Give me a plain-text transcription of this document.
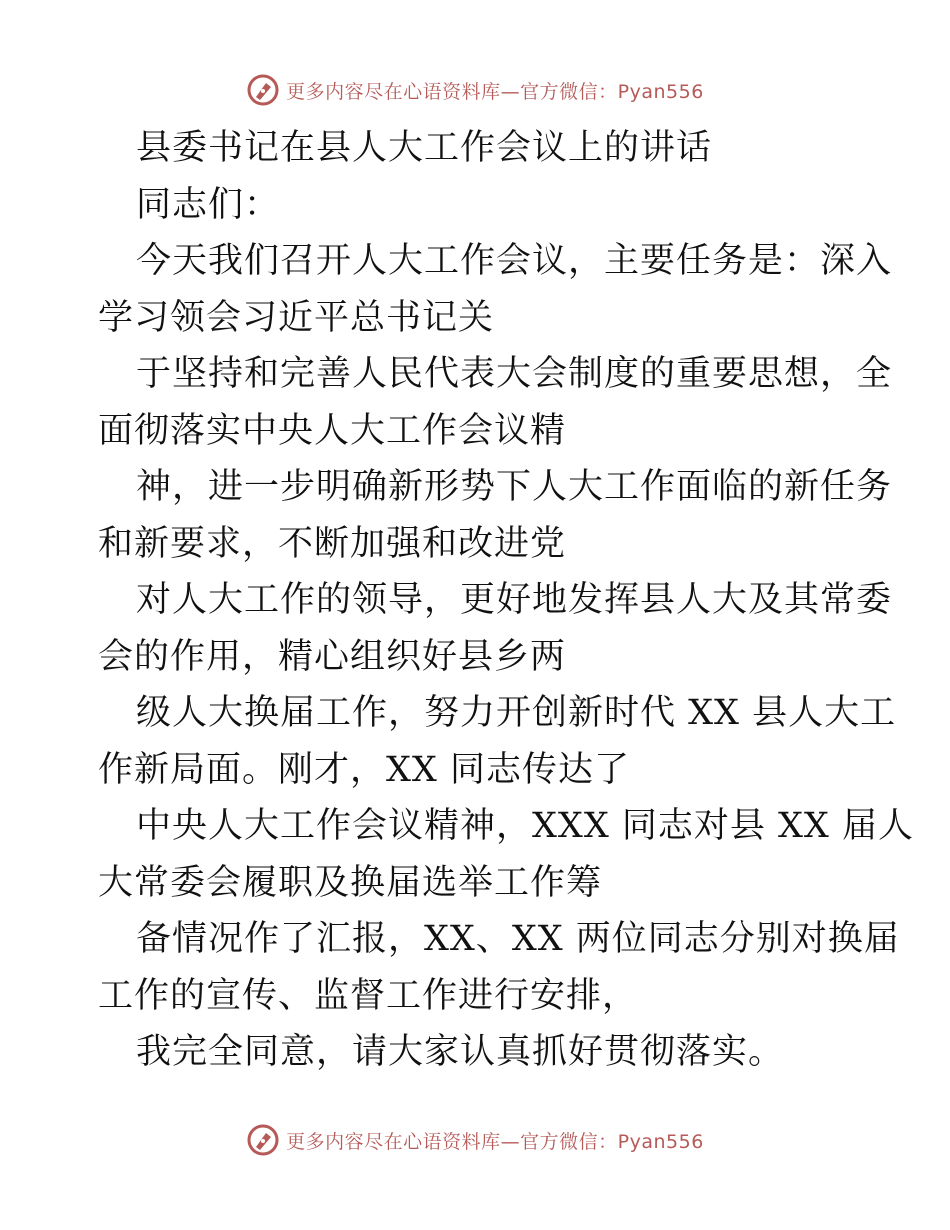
更多内容尽在心语资料库—官方微信：Pyan556
县委书记在县人大工作会议上的讲话
同志们：
今天我们召开人大工作会议，主要任务是：深入
学习领会习近平总书记关
于坚持和完善人民代表大会制度的重要思想，全
面彻落实中央人大工作会议精
神，进一步明确新形势下人大工作面临的新任务
和新要求，不断加强和改进党
对人大工作的领导，更好地发挥县人大及其常委
会的作用，精心组织好县乡两
级人大换届工作，努力开创新时代 XX 县人大工
作新局面。刚才，XX 同志传达了
中央人大工作会议精神，XXX 同志对县 XX 届人
大常委会履职及换届选举工作筹
备情况作了汇报，XX、XX 两位同志分别对换届
工作的宣传、监督工作进行安排，
我完全同意，请大家认真抓好贯彻落实。
更多内容尽在心语资料库—官方微信：Pyan556
